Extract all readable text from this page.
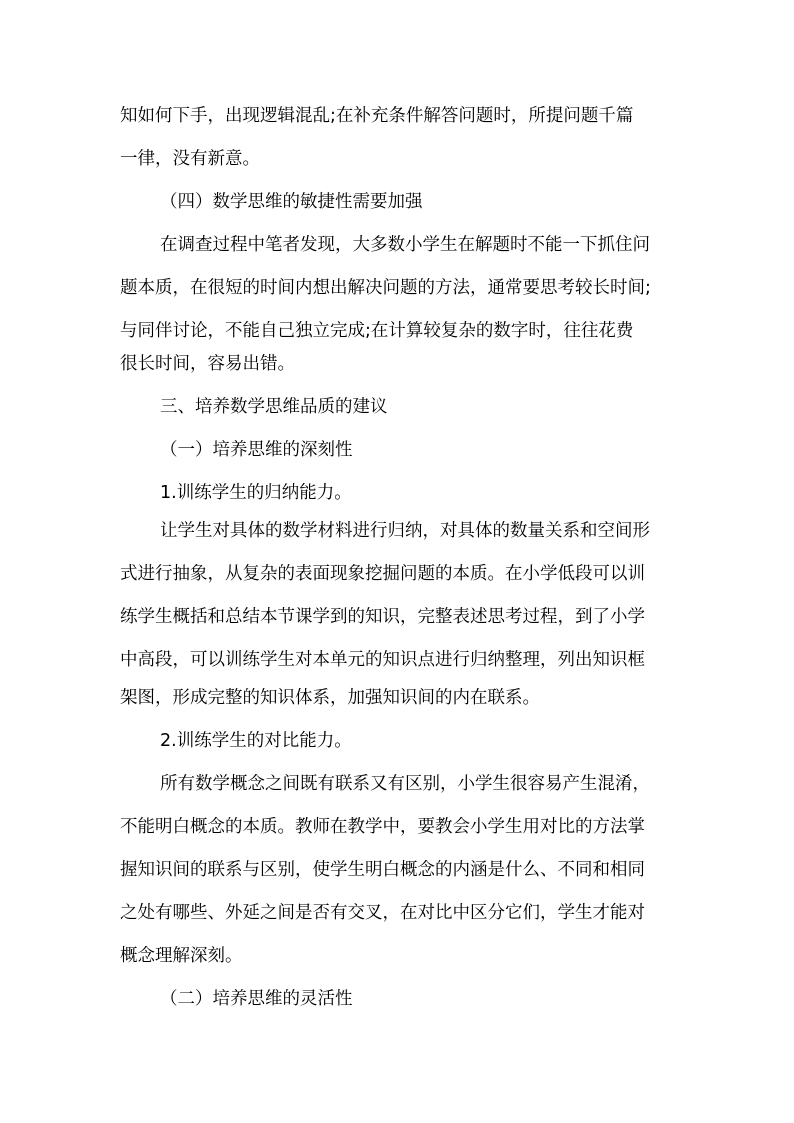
知如何下手，出现逻辑混乱;在补充条件解答问题时，所提问题千篇
一律，没有新意。
（四）数学思维的敏捷性需要加强
在调查过程中笔者发现，大多数小学生在解题时不能一下抓住问
题本质，在很短的时间内想出解决问题的方法，通常要思考较长时间;
与同伴讨论，不能自己独立完成;在计算较复杂的数字时，往往花费
很长时间，容易出错。
三、培养数学思维品质的建议
（一）培养思维的深刻性
1.训练学生的归纳能力。
让学生对具体的数学材料进行归纳，对具体的数量关系和空间形
式进行抽象，从复杂的表面现象挖掘问题的本质。在小学低段可以训
练学生概括和总结本节课学到的知识，完整表述思考过程，到了小学
中高段，可以训练学生对本单元的知识点进行归纳整理，列出知识框
架图，形成完整的知识体系，加强知识间的内在联系。
2.训练学生的对比能力。
所有数学概念之间既有联系又有区别，小学生很容易产生混淆，
不能明白概念的本质。教师在教学中，要教会小学生用对比的方法掌
握知识间的联系与区别，使学生明白概念的内涵是什么、不同和相同
之处有哪些、外延之间是否有交叉，在对比中区分它们，学生才能对
概念理解深刻。
（二）培养思维的灵活性
